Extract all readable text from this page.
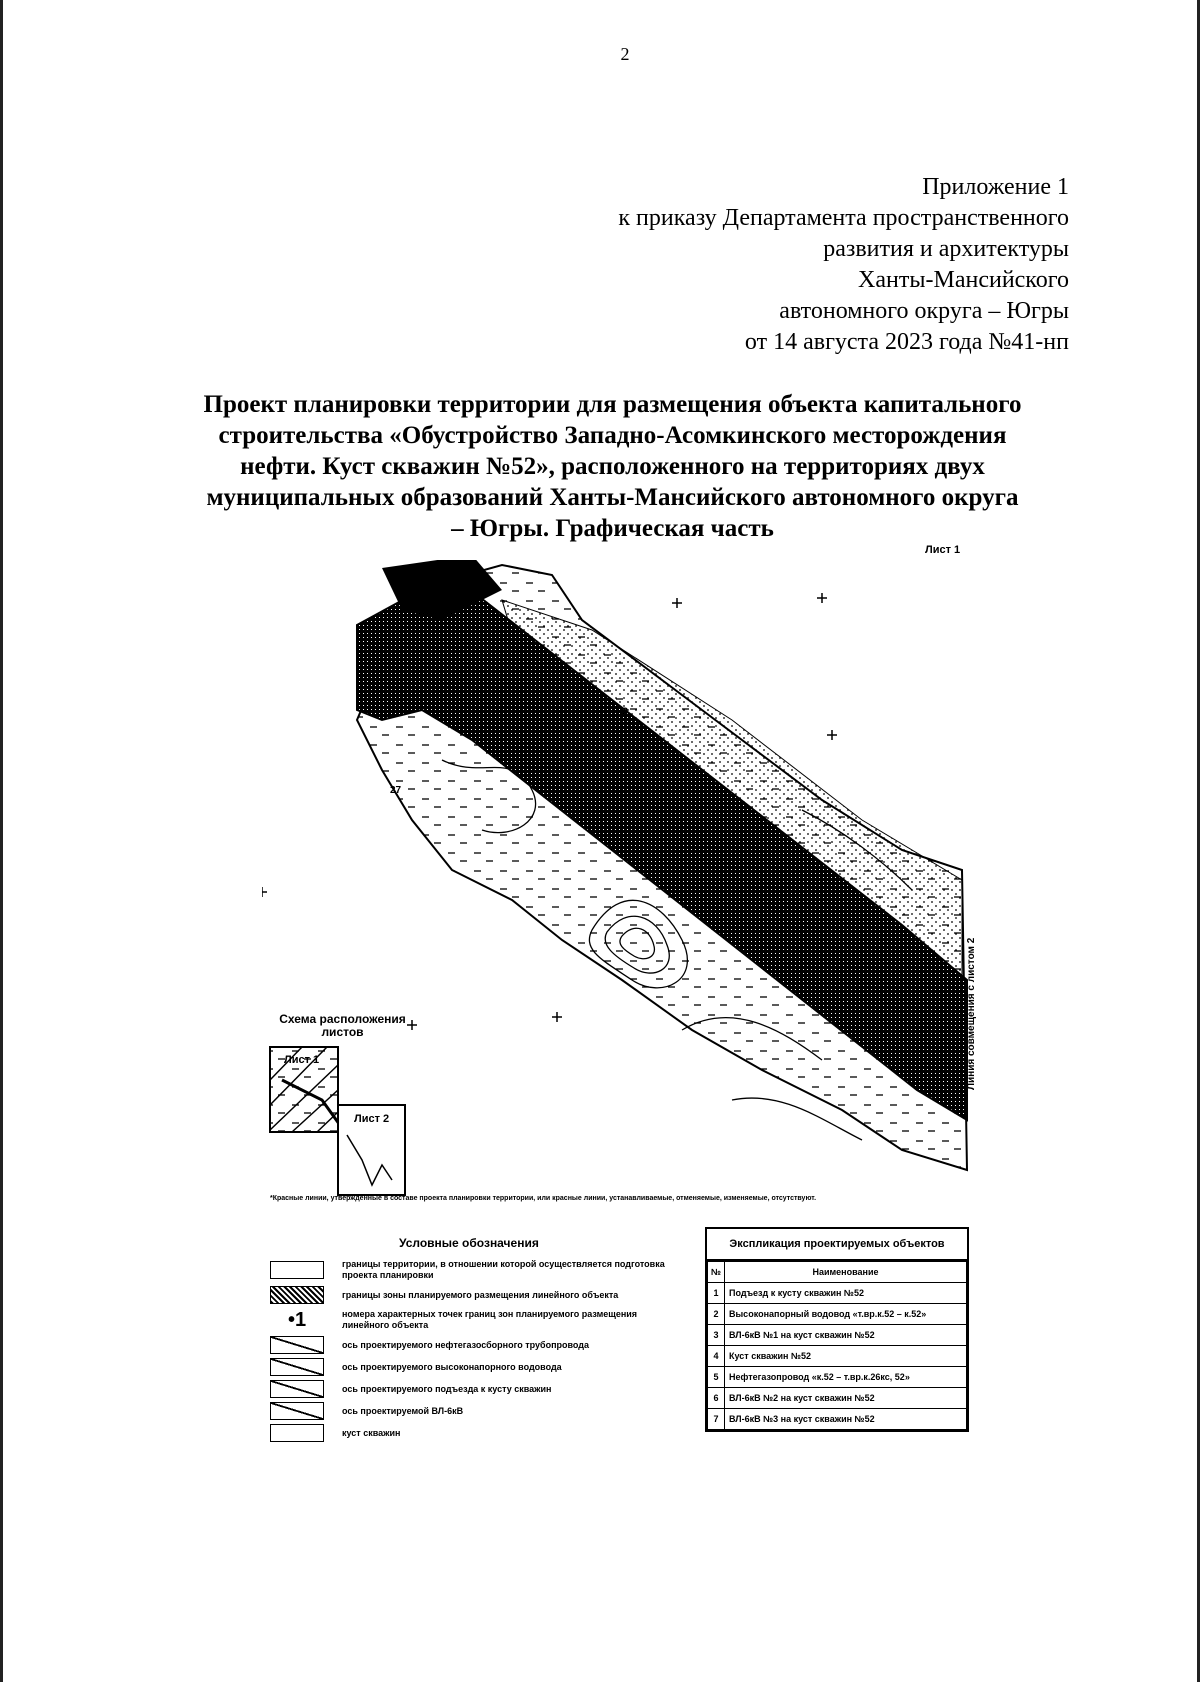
2
Приложение 1
к приказу Департамента пространственного
развития и архитектуры
Ханты-Мансийского
автономного округа – Югры
от 14 августа 2023 года №41-нп
Проект планировки территории для размещения объекта капитального
строительства «Обустройство Западно-Асомкинского месторождения
нефти. Куст скважин №52», расположенного на территориях двух
муниципальных образований Ханты-Мансийского автономного округа
– Югры. Графическая часть
Лист 1
2
27
Лист 1
Лист 2
Схема расположения листов	Линия совмещения с листом 2
*Красные линии, утвержденные в составе проекта планировки территории, или красные линии, устанавливаемые, отменяемые, изменяемые, отсутствуют.
Условные обозначения
границы территории, в отношении которой осуществляется подготовка проекта планировки
границы зоны планируемого размещения линейного объекта
•1	номера характерных точек границ зон планируемого размещения линейного объекта
ось проектируемого нефтегазосборного трубопровода
ось проектируемого высоконапорного водовода
ось проектируемого подъезда к кусту скважин
ось проектируемой ВЛ-6кВ
куст скважин
Экспликация проектируемых объектов
№	Наименование
1	Подъезд к кусту скважин №52
2	Высоконапорный водовод «т.вр.к.52 – к.52»
3	ВЛ-6кВ №1 на куст скважин №52
4	Куст скважин №52
5	Нефтегазопровод «к.52 – т.вр.к.26кс, 52»
6	ВЛ-6кВ №2 на куст скважин №52
7	ВЛ-6кВ №3 на куст скважин №52
